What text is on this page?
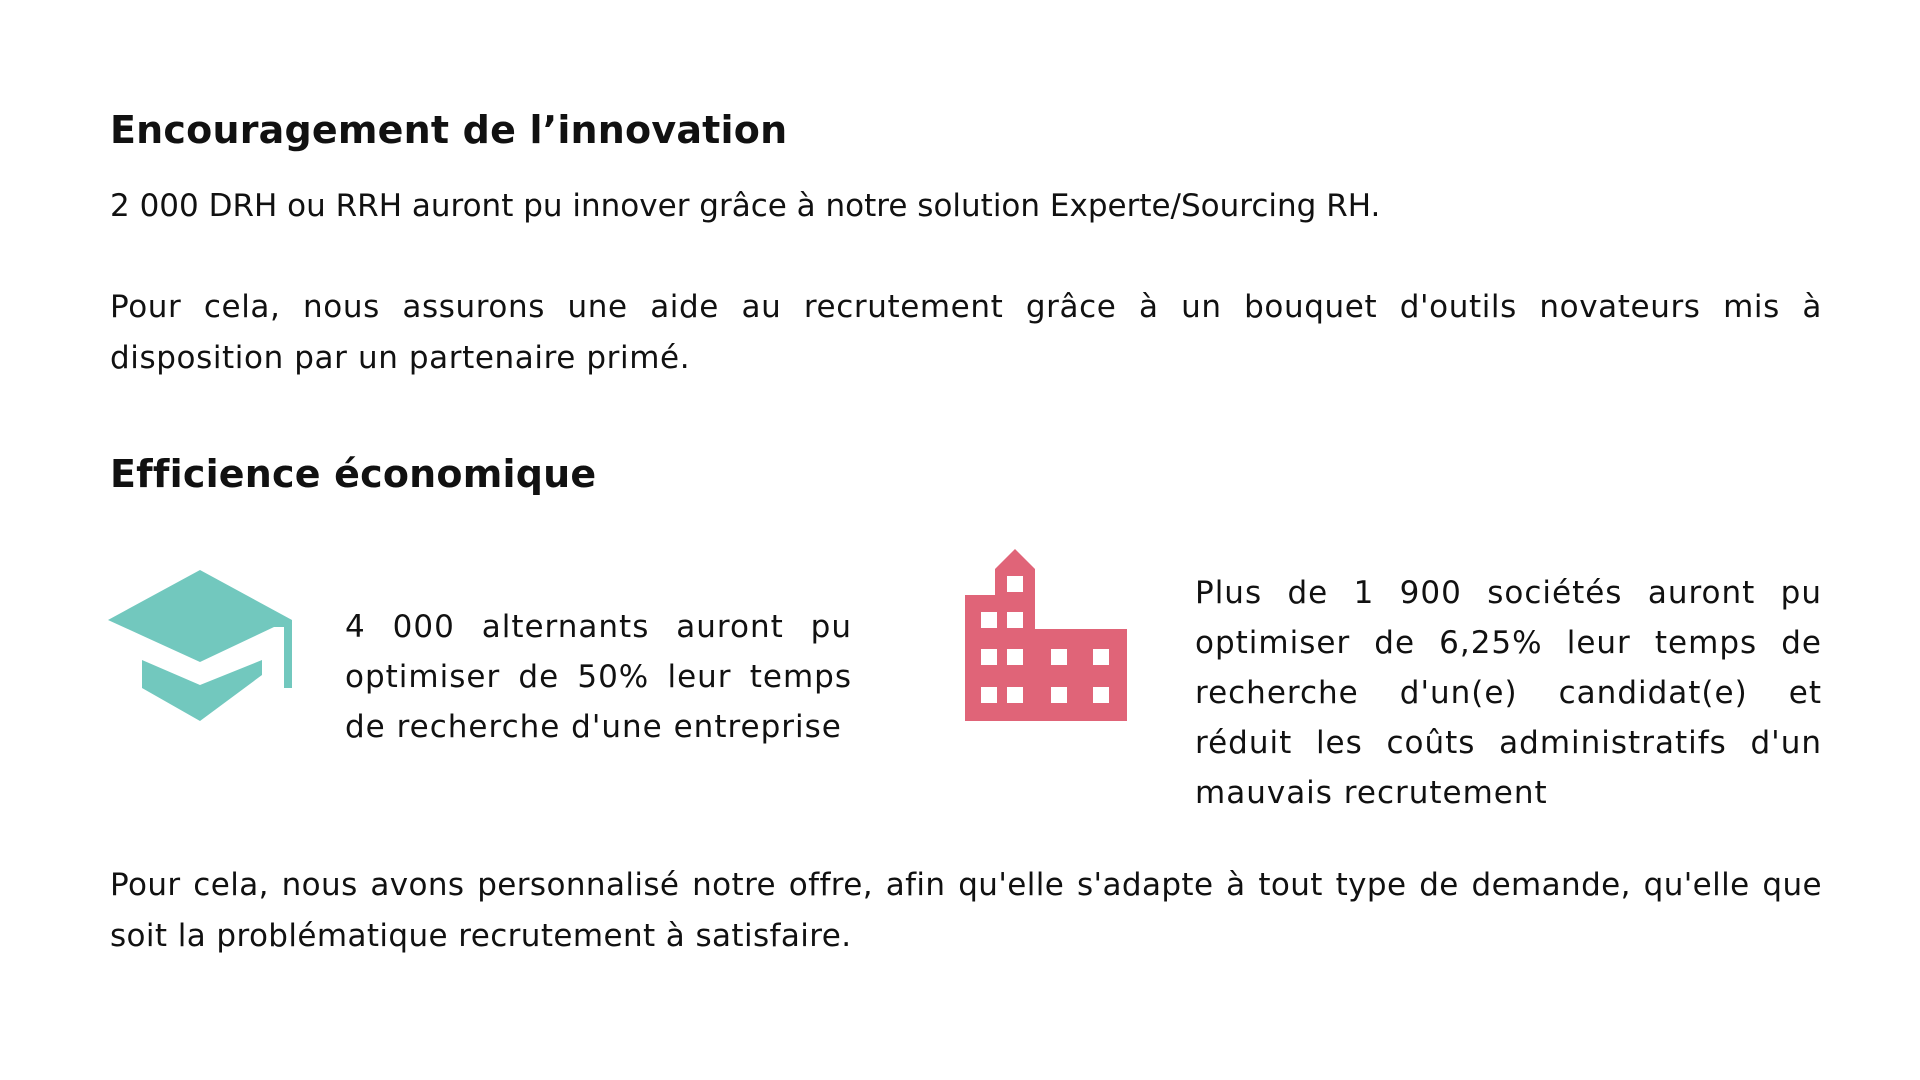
Encouragement de l’innovation

2 000 DRH ou RRH auront pu innover grâce à notre solution Experte/Sourcing RH.

Pour cela, nous assurons une aide au recrutement grâce à un bouquet d'outils novateurs mis à disposition par un partenaire primé.

Efficience économique

4 000 alternants auront pu optimiser de 50% leur temps de recherche d'une entreprise

Plus de 1 900 sociétés auront pu optimiser de 6,25% leur temps de recherche d'un(e) candidat(e) et réduit les coûts administratifs d'un mauvais recrutement

Pour cela, nous avons personnalisé notre offre, afin qu'elle s'adapte à tout type de demande, qu'elle que soit la problématique recrutement à satisfaire.
